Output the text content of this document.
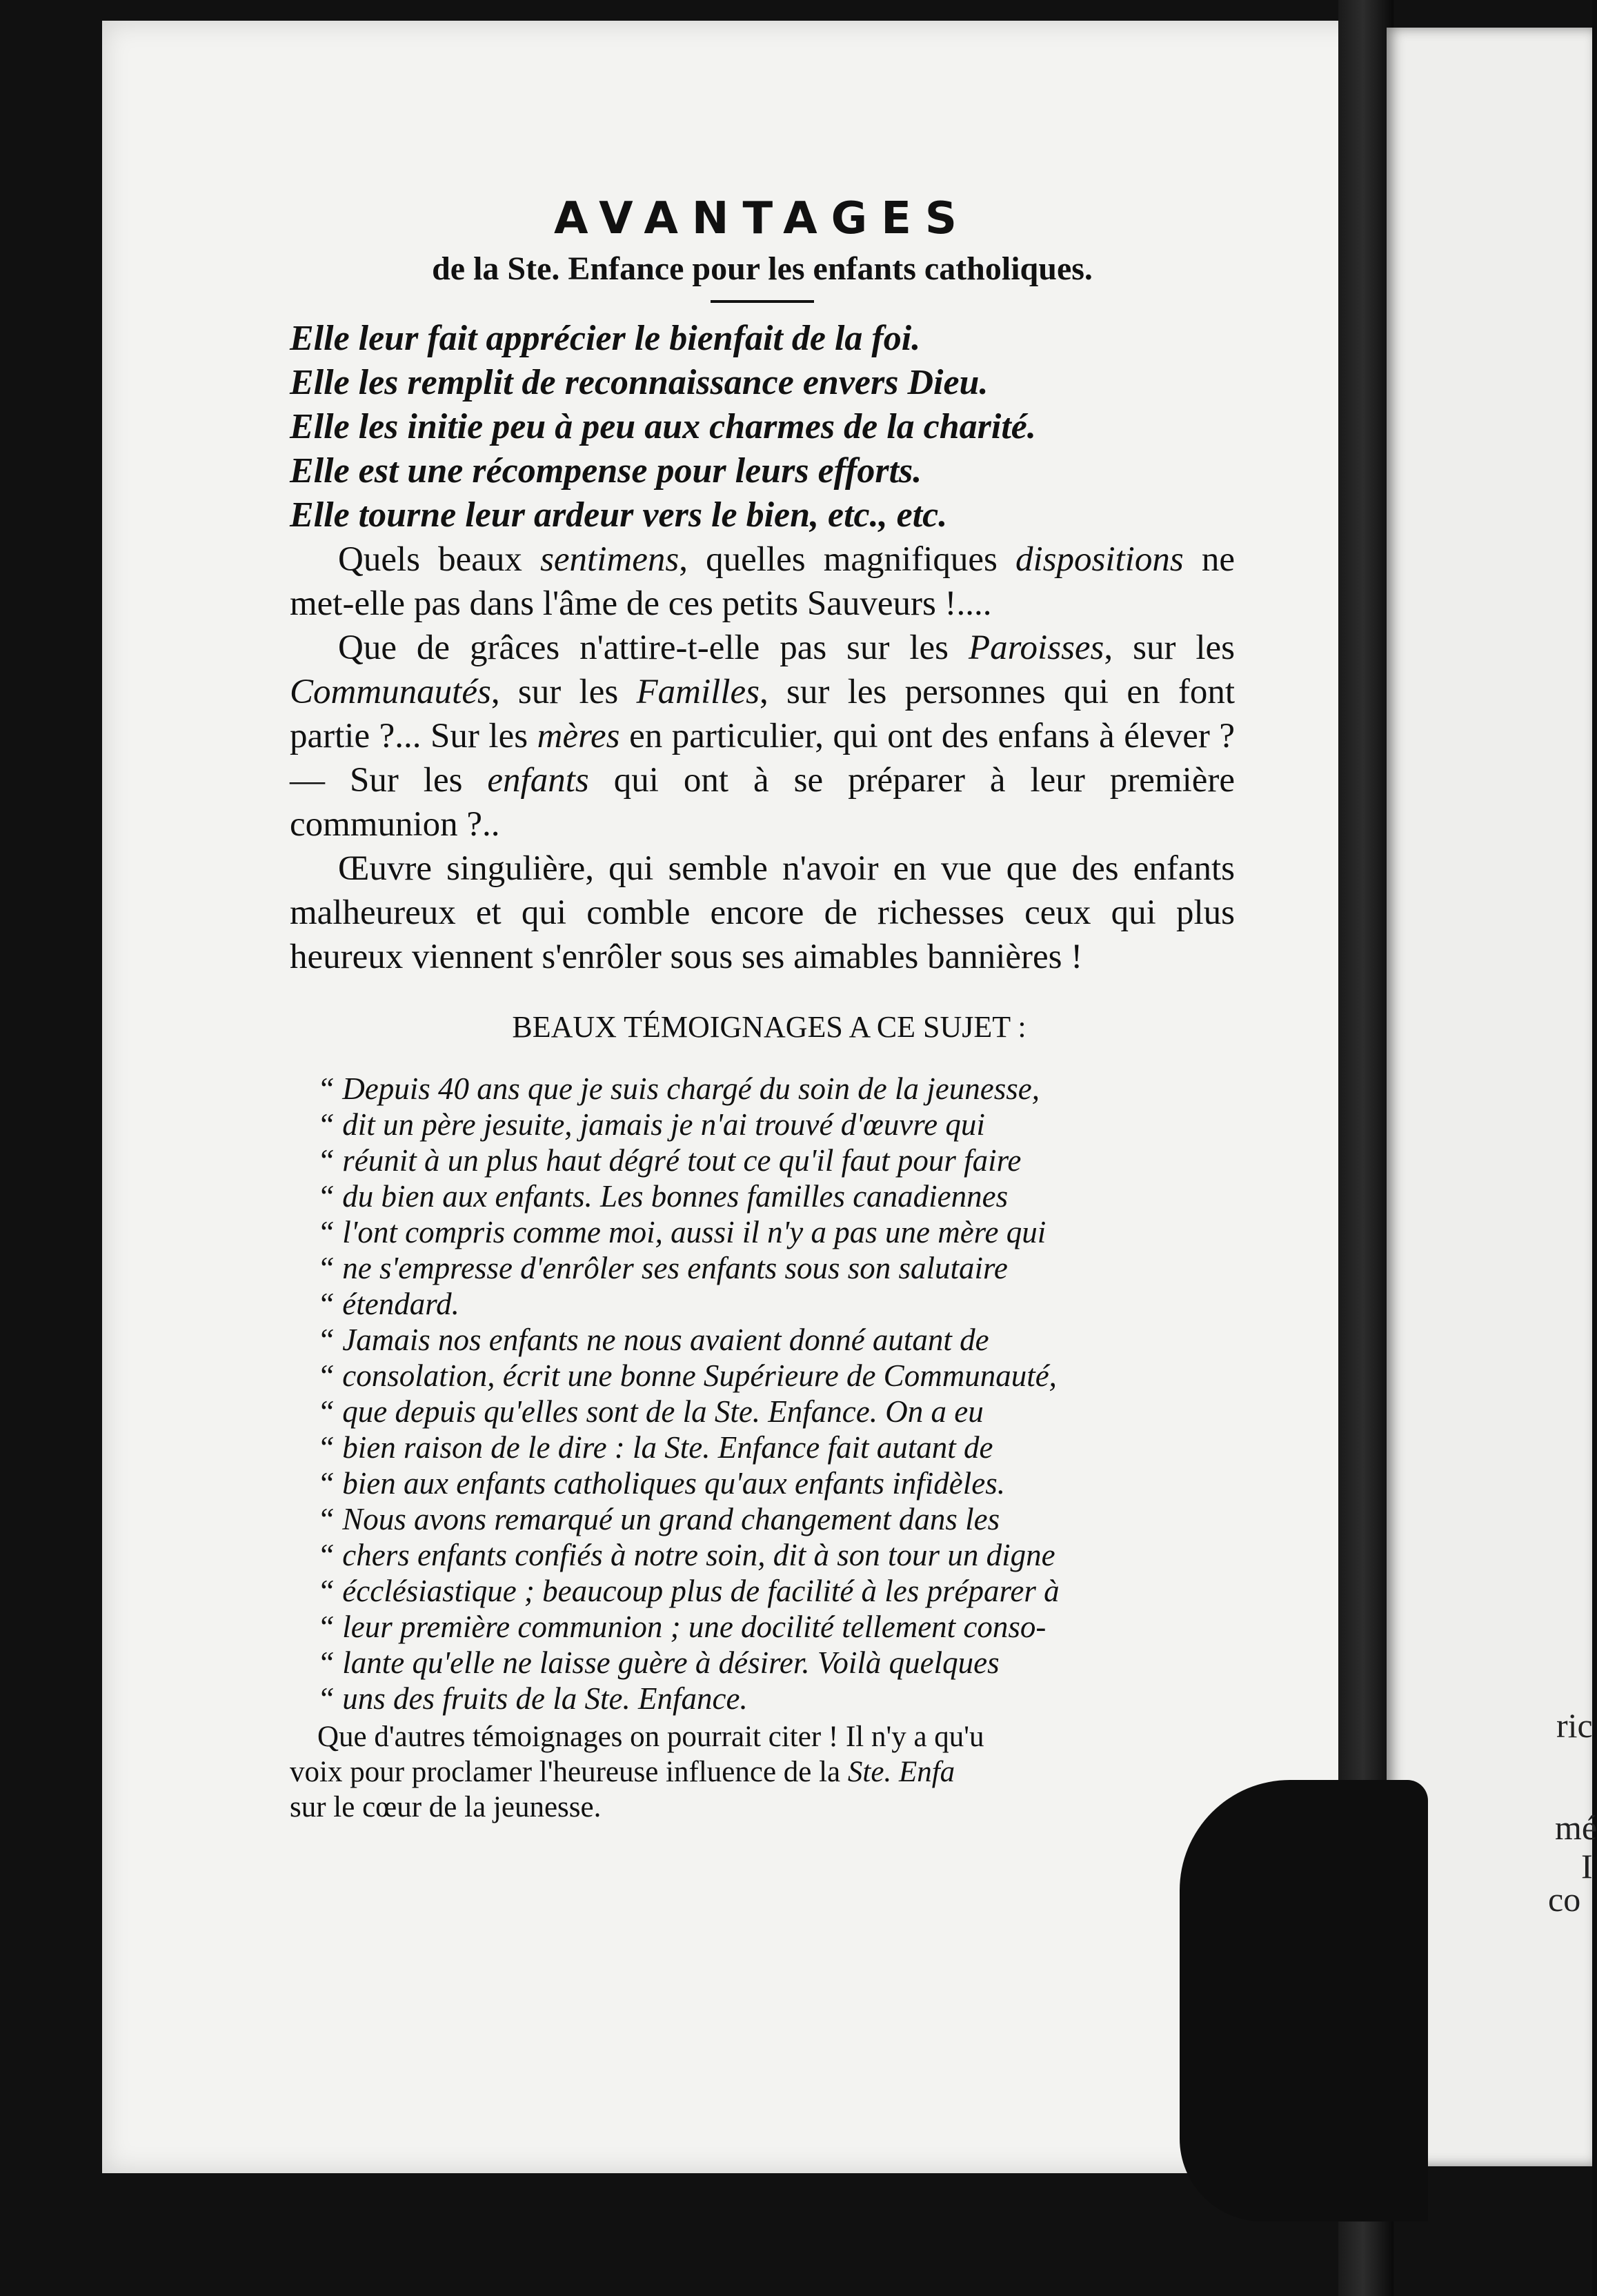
ric
mé
I
co
AVANTAGES
de la Ste. Enfance pour les enfants catholiques.
Elle leur fait apprécier le bienfait de la foi.
Elle les remplit de reconnaissance envers Dieu.
Elle les initie peu à peu aux charmes de la charité.
Elle est une récompense pour leurs efforts.
Elle tourne leur ardeur vers le bien, etc., etc.

Quels beaux sentimens, quelles magnifiques dispositions ne met-elle pas dans l'âme de ces petits Sauveurs !....

Que de grâces n'attire-t-elle pas sur les Paroisses, sur les Communautés, sur les Familles, sur les personnes qui en font partie ?... Sur les mères en particulier, qui ont des enfans à élever ?— Sur les enfants qui ont à se préparer à leur première communion ?..

Œuvre singulière, qui semble n'avoir en vue que des enfants malheureux et qui comble encore de richesses ceux qui plus heureux viennent s'enrôler sous ses aimables bannières !

BEAUX TÉMOIGNAGES A CE SUJET :
“ Depuis 40 ans que je suis chargé du soin de la jeunesse,
“ dit un père jesuite, jamais je n'ai trouvé d'œuvre qui
“ réunit à un plus haut dégré tout ce qu'il faut pour faire
“ du bien aux enfants. Les bonnes familles canadiennes
“ l'ont compris comme moi, aussi il n'y a pas une mère qui
“ ne s'empresse d'enrôler ses enfants sous son salutaire
“ étendard.
“ Jamais nos enfants ne nous avaient donné autant de
“ consolation, écrit une bonne Supérieure de Communauté,
“ que depuis qu'elles sont de la Ste. Enfance. On a eu
“ bien raison de le dire : la Ste. Enfance fait autant de
“ bien aux enfants catholiques qu'aux enfants infidèles.
“ Nous avons remarqué un grand changement dans les
“ chers enfants confiés à notre soin, dit à son tour un digne
“ écclésiastique ; beaucoup plus de facilité à les préparer à
“ leur première communion ; une docilité tellement conso-
“ lante qu'elle ne laisse guère à désirer. Voilà quelques
“ uns des fruits de la Ste. Enfance.
Que d'autres témoignages on pourrait citer ! Il n'y a qu'u
voix pour proclamer l'heureuse influence de la Ste. Enfa
sur le cœur de la jeunesse.
